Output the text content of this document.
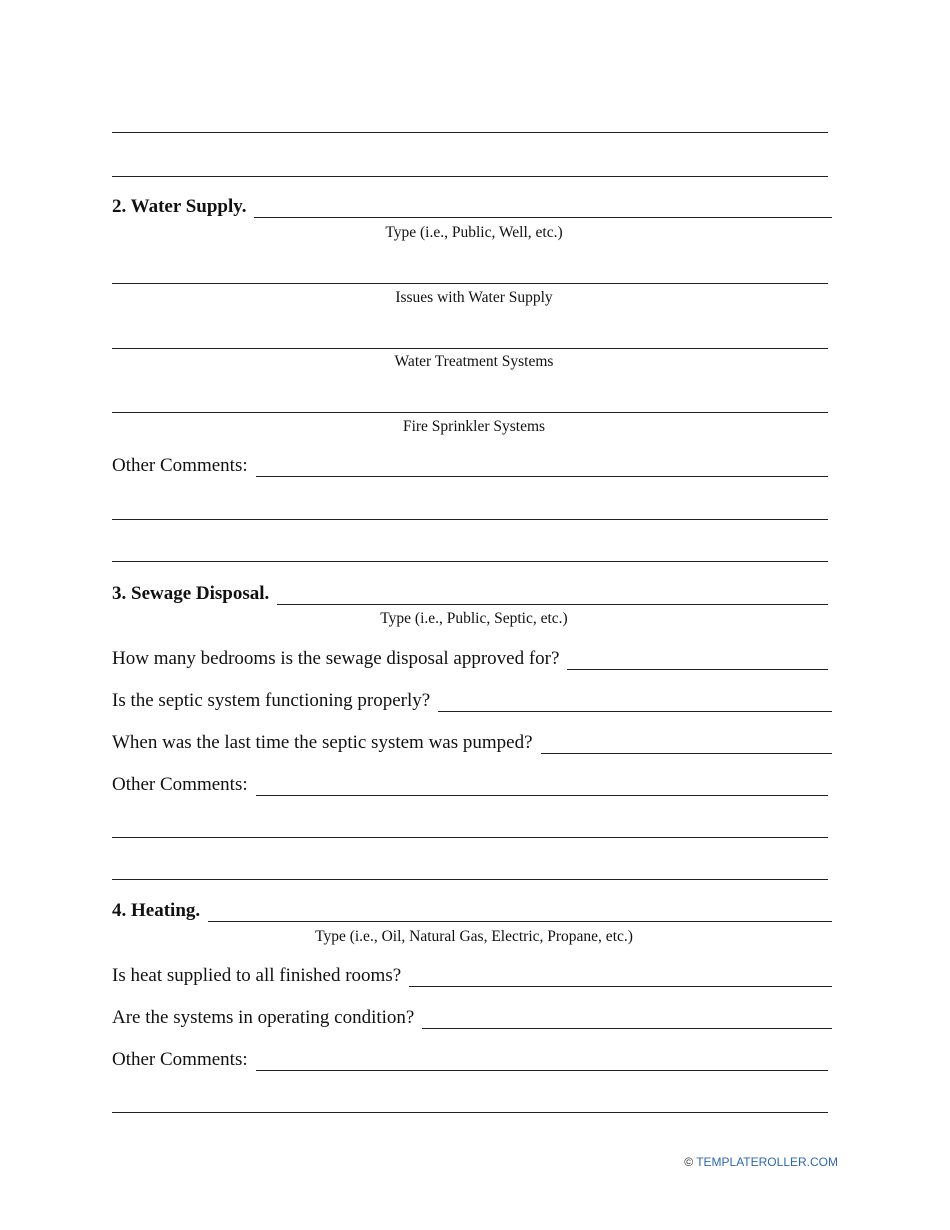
2. Water Supply.
Type (i.e., Public, Well, etc.)
Issues with Water Supply
Water Treatment Systems
Fire Sprinkler Systems
Other Comments:
3. Sewage Disposal.
Type (i.e., Public, Septic, etc.)
How many bedrooms is the sewage disposal approved for?
Is the septic system functioning properly?
When was the last time the septic system was pumped?
Other Comments:
4. Heating.
Type (i.e., Oil, Natural Gas, Electric, Propane, etc.)
Is heat supplied to all finished rooms?
Are the systems in operating condition?
Other Comments:
© TEMPLATEROLLER.COM
